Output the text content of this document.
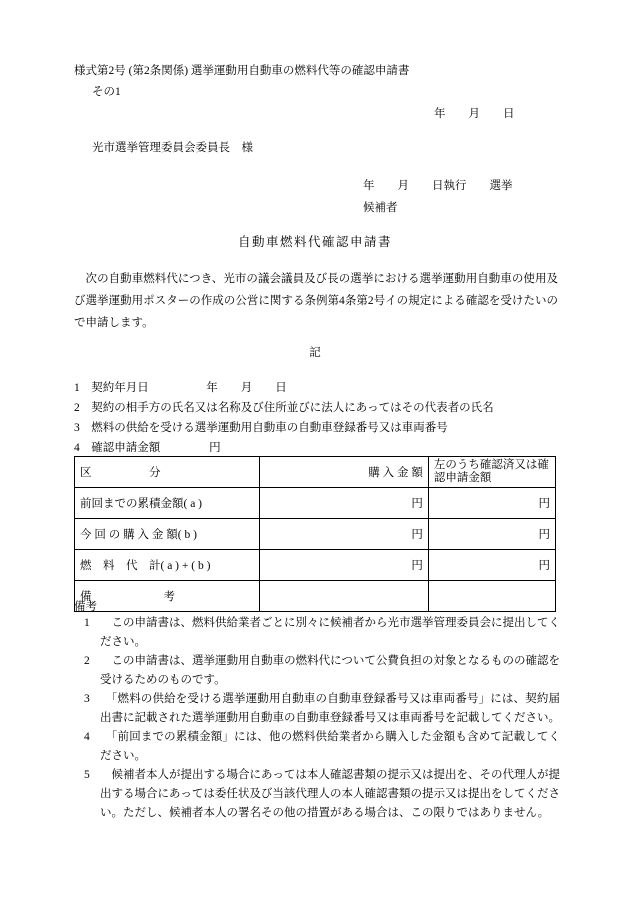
様式第2号 (第2条関係) 選挙運動用自動車の燃料代等の確認申請書
その1
年        月        日
光市選挙管理委員会委員長    様
年        月        日執行        選挙
候補者
自動車燃料代確認申請書
　次の自動車燃料代につき、光市の議会議員及び長の選挙における選挙運動用自動車の使用及び選挙運動用ポスターの作成の公営に関する条例第4条第2号イの規定による確認を受けたいので申請します。
記
1    契約年月日                    年        月        日
2    契約の相手方の氏名又は名称及び住所並びに法人にあってはその代表者の氏名
3    燃料の供給を受ける選挙運動用自動車の自動車登録番号又は車両番号
4    確認申請金額                 円
区                    分	購 入 金 額	左のうち確認済又は確認申請金額
前回までの累積金額( a )	円	円
今 回 の 購 入 金 額( b )	円	円
燃    料    代    計( a ) + ( b )	円	円
備                         考		
備考
1 　この申請書は、燃料供給業者ごとに別々に候補者から光市選挙管理委員会に提出してください。
2 　この申請書は、選挙運動用自動車の燃料代について公費負担の対象となるものの確認を受けるためのものです。
3 　「燃料の供給を受ける選挙運動用自動車の自動車登録番号又は車両番号」には、契約届出書に記載された選挙運動用自動車の自動車登録番号又は車両番号を記載してください。
4 　「前回までの累積金額」には、他の燃料供給業者から購入した金額も含めて記載してください。
5 　候補者本人が提出する場合にあっては本人確認書類の提示又は提出を、その代理人が提出する場合にあっては委任状及び当該代理人の本人確認書類の提示又は提出をしてください。ただし、候補者本人の署名その他の措置がある場合は、この限りではありません。
